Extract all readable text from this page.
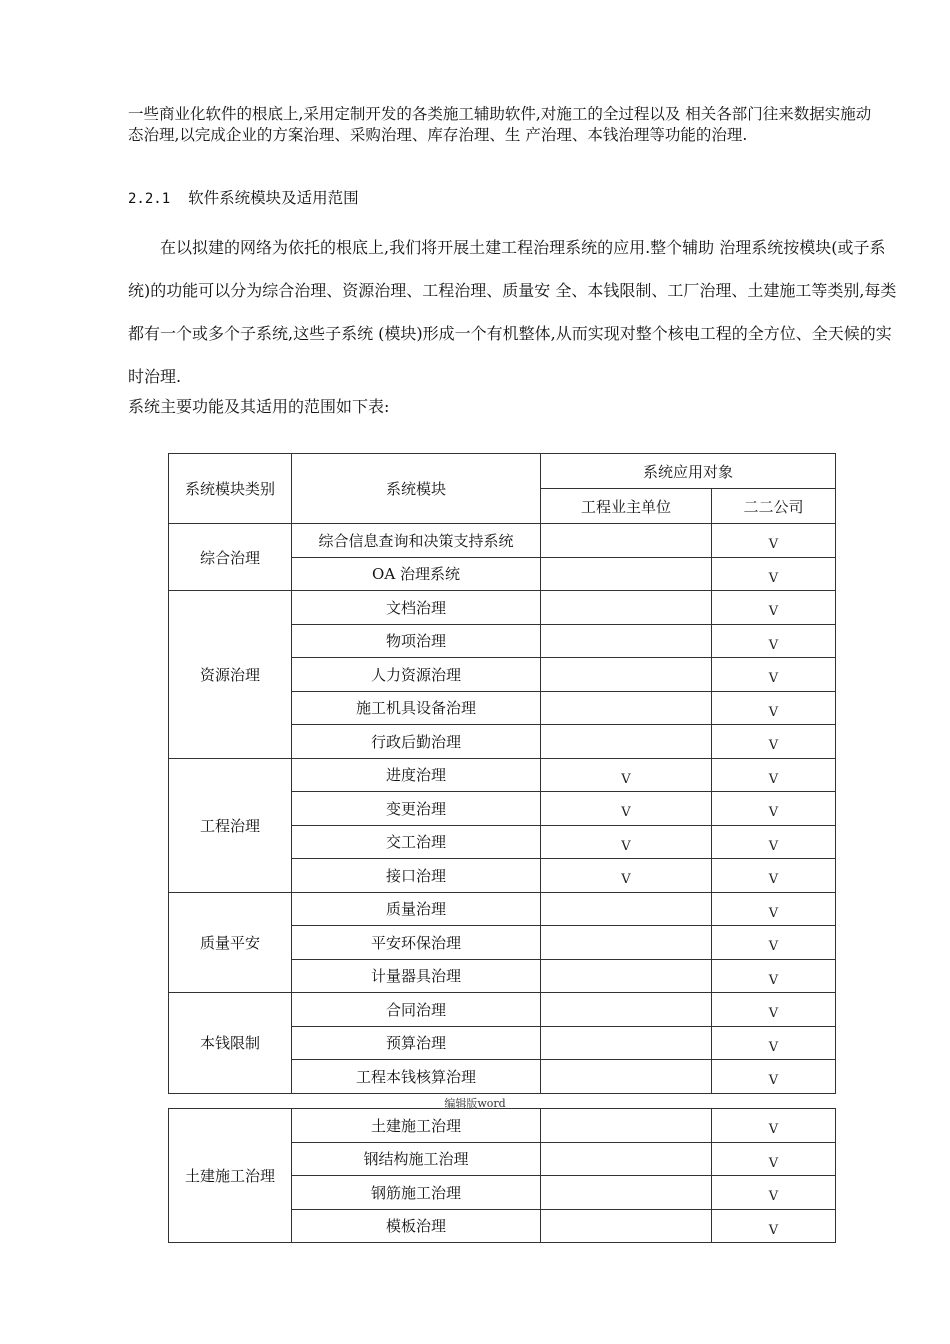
一些商业化软件的根底上,采用定制开发的各类施工辅助软件,对施工的全过程以及 相关各部门往来数据实施动态治理,以完成企业的方案治理、采购治理、库存治理、生 产治理、本钱治理等功能的治理.

2.2.1 软件系统模块及适用范围

在以拟建的网络为依托的根底上,我们将开展土建工程治理系统的应用.整个辅助 治理系统按模块(或子系统)的功能可以分为综合治理、资源治理、工程治理、质量安 全、本钱限制、工厂治理、土建施工等类别,每类都有一个或多个子系统,这些子系统 (模块)形成一个有机整体,从而实现对整个核电工程的全方位、全天候的实时治理.

系统主要功能及其适用的范围如下表:

系统模块类别	系统模块	系统应用对象	
		工程业主单位	二二公司
综合治理	综合信息查询和决策支持系统		V
	OA 治理系统		V
资源治理	文档治理		V
	物项治理		V
	人力资源治理		V
	施工机具设备治理		V
	行政后勤治理		V
工程治理	进度治理	V	V
	变更治理	V	V
	交工治理	V	V
	接口治理	V	V
质量平安	质量治理		V
	平安环保治理		V
	计量器具治理		V
本钱限制	合同治理		V
	预算治理		V
	工程本钱核算治理		V
编辑版word
土建施工治理	土建施工治理		V
	钢结构施工治理		V
	钢筋施工治理		V
	模板治理		V
